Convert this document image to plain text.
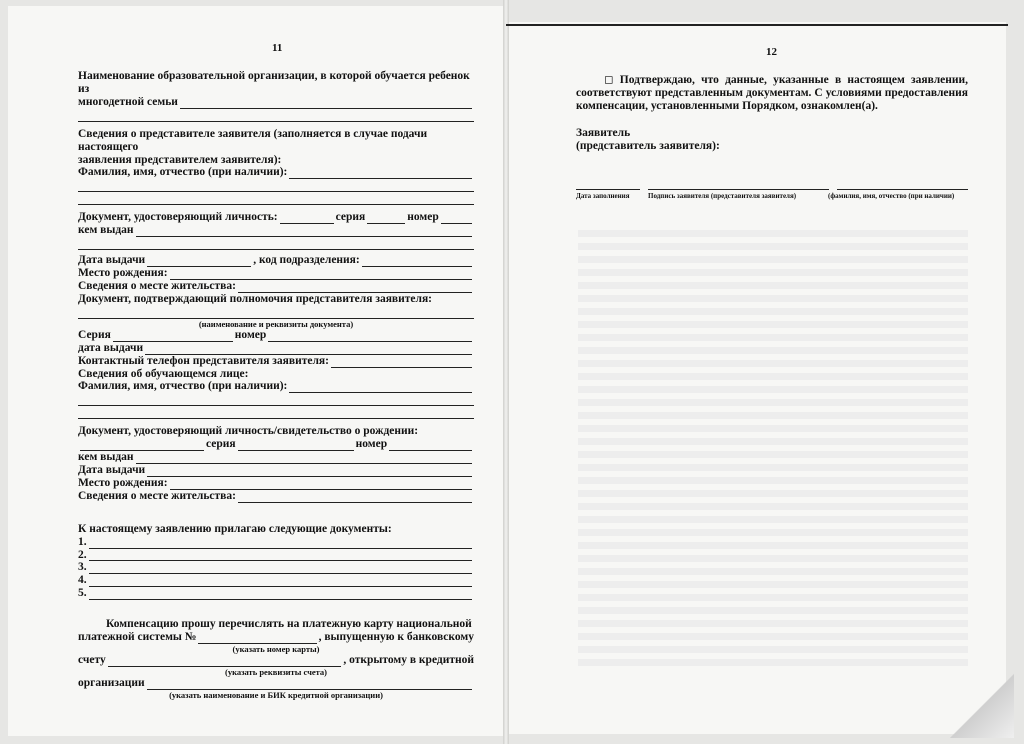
11	12
Наименование образовательной организации, в которой обучается ребенок из
многодетной семьи
Сведения о представителе заявителя (заполняется в случае подачи настоящего
заявления представителем заявителя):
Фамилия, имя, отчество (при наличии):
Документ, удостоверяющий личность:	серия	номер
кем выдан
Дата выдачи	, код подразделения:
Место рождения:
Сведения о месте жительства:
Документ, подтверждающий полномочия представителя заявителя:
(наименование и реквизиты документа)
Серия	номер
дата выдачи
Контактный телефон представителя заявителя:
Сведения об обучающемся лице:
Фамилия, имя, отчество (при наличии):
Документ, удостоверяющий личность/свидетельство о рождении:
серия	номер
кем выдан
Дата выдачи
Место рождения:
Сведения о месте жительства:
К настоящему заявлению прилагаю следующие документы:
1.
2.
3.
4.
5.
Компенсацию прошу перечислять на платежную карту национальной
платежной системы №	, выпущенную к банковскому
(указать номер карты)
счету	, открытому в кредитной
(указать реквизиты счета)
организации
(указать наименование и БИК кредитной организации)
◻ Подтверждаю, что данные, указанные в настоящем заявлении, соответствуют представленным документам. С условиями предоставления компенсации, установленными Порядком, ознакомлен(а).
Заявитель
(представитель заявителя):
Дата заполнения	Подпись заявителя (представителя заявителя)	(фамилия, имя, отчество (при наличии)
